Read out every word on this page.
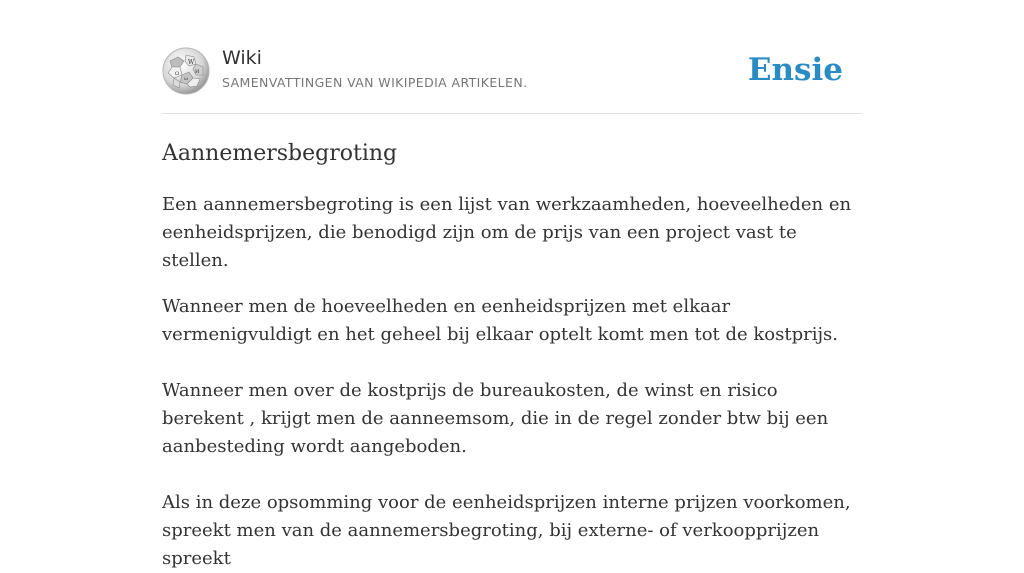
W
Ω	И
ω
Wiki
SAMENVATTINGEN VAN WIKIPEDIA ARTIKELEN.	Ensie
Aannemersbegroting

Een aannemersbegroting is een lijst van werkzaamheden, hoeveelheden en eenheidsprijzen, die benodigd zijn om de prijs van een project vast te stellen.

Wanneer men de hoeveelheden en eenheidsprijzen met elkaar vermenigvuldigt en het geheel bij elkaar optelt komt men tot de kostprijs.

Wanneer men over de kostprijs de bureaukosten, de winst en risico berekent , krijgt men de aanneemsom, die in de regel zonder btw bij een aanbesteding wordt aangeboden.

Als in deze opsomming voor de eenheidsprijzen interne prijzen voorkomen, spreekt men van de aannemersbegroting, bij externe- of verkoopprijzen spreekt
